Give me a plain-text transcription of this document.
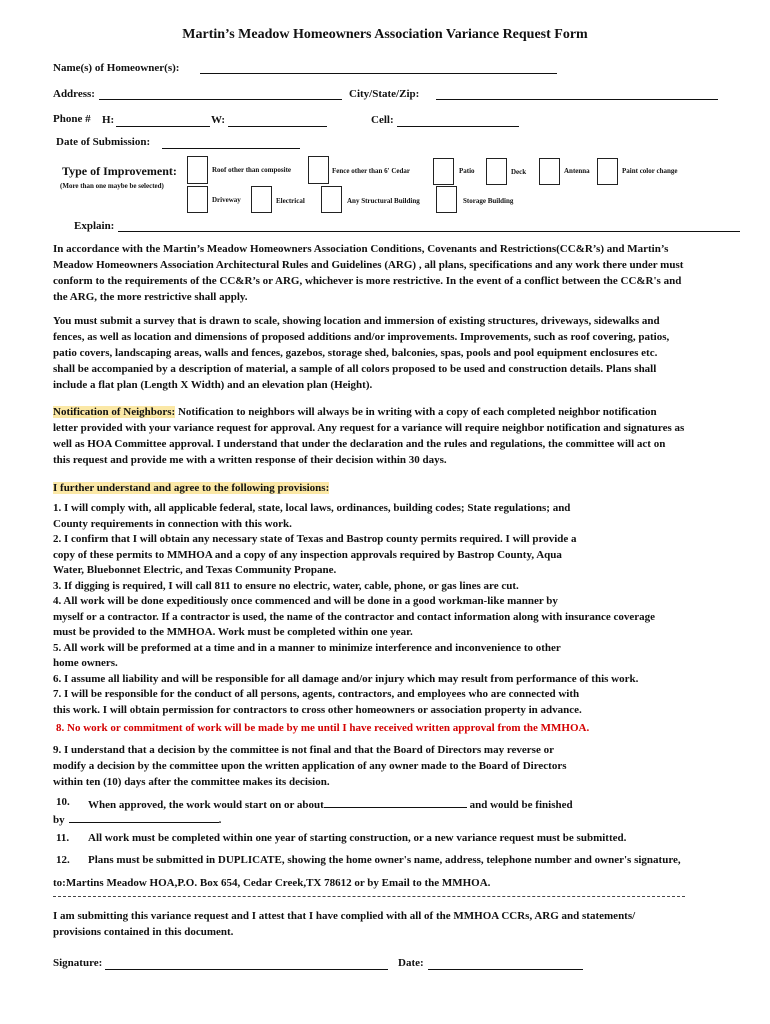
Martin’s Meadow Homeowners Association Variance Request Form
Name(s) of Homeowner(s):
Address:	City/State/Zip:
Phone # H:	W:	Cell:
Date of Submission:
Type of Improvement:
(More than one maybe be selected)
Roof other than composite	Fence other than 6' Cedar	Patio	Deck	Antenna	Paint color change
Driveway	Electrical	Any Structural Building	Storage Building
Explain:

In accordance with the Martin’s Meadow Homeowners Association Conditions, Covenants and Restrictions(CC&R’s) and Martin’s

Meadow Homeowners Association Architectural Rules and Guidelines (ARG) , all plans, specifications and any work there under must

conform to the requirements of the CC&R’s or ARG, whichever is more restrictive. In the event of a conflict between the CC&R's and

the ARG, the more restrictive shall apply.

You must submit a survey that is drawn to scale, showing location and immersion of existing structures, driveways, sidewalks and

fences, as well as location and dimensions of proposed additions and/or improvements. Improvements, such as roof covering, patios,

patio covers, landscaping areas, walls and fences, gazebos, storage shed, balconies, spas, pools and pool equipment enclosures etc.

shall be accompanied by a description of material, a sample of all colors proposed to be used and construction details. Plans shall

include a flat plan (Length X Width) and an elevation plan (Height).

Notification of Neighbors: Notification to neighbors will always be in writing with a copy of each completed neighbor notification

letter provided with your variance request for approval. Any request for a variance will require neighbor notification and signatures as

well as HOA Committee approval. I understand that under the declaration and the rules and regulations, the committee will act on

this request and provide me with a written response of their decision within 30 days.

I further understand and agree to the following provisions:

1. I will comply with, all applicable federal, state, local laws, ordinances, building codes; State regulations; and

County requirements in connection with this work.

2. I confirm that I will obtain any necessary state of Texas and Bastrop county permits required. I will provide a

copy of these permits to MMHOA and a copy of any inspection approvals required by Bastrop County, Aqua

Water, Bluebonnet Electric, and Texas Community Propane.

3. If digging is required, I will call 811 to ensure no electric, water, cable, phone, or gas lines are cut.

4. All work will be done expeditiously once commenced and will be done in a good workman-like manner by

myself or a contractor. If a contractor is used, the name of the contractor and contact information along with insurance coverage

must be provided to the MMHOA. Work must be completed within one year.

5. All work will be preformed at a time and in a manner to minimize interference and inconvenience to other

home owners.

6. I assume all liability and will be responsible for all damage and/or injury which may result from performance of this work.

7. I will be responsible for the conduct of all persons, agents, contractors, and employees who are connected with

this work. I will obtain permission for contractors to cross other homeowners or association property in advance.

8. No work or commitment of work will be made by me until I have received written approval from the MMHOA.

9. I understand that a decision by the committee is not final and that the Board of Directors may reverse or

modify a decision by the committee upon the written application of any owner made to the Board of Directors

within ten (10) days after the committee makes its decision.

10. When approved, the work would start on or about	and would be finished
by	.
11. All work must be completed within one year of starting construction, or a new variance request must be submitted.
12. Plans must be submitted in DUPLICATE, showing the home owner's name, address, telephone number and owner's signature,
to:Martins Meadow HOA,P.O. Box 654, Cedar Creek,TX 78612 or by Email to the MMHOA.

I am submitting this variance request and I attest that I have complied with all of the MMHOA CCRs, ARG and statements/

provisions contained in this document.

Signature:	Date:
